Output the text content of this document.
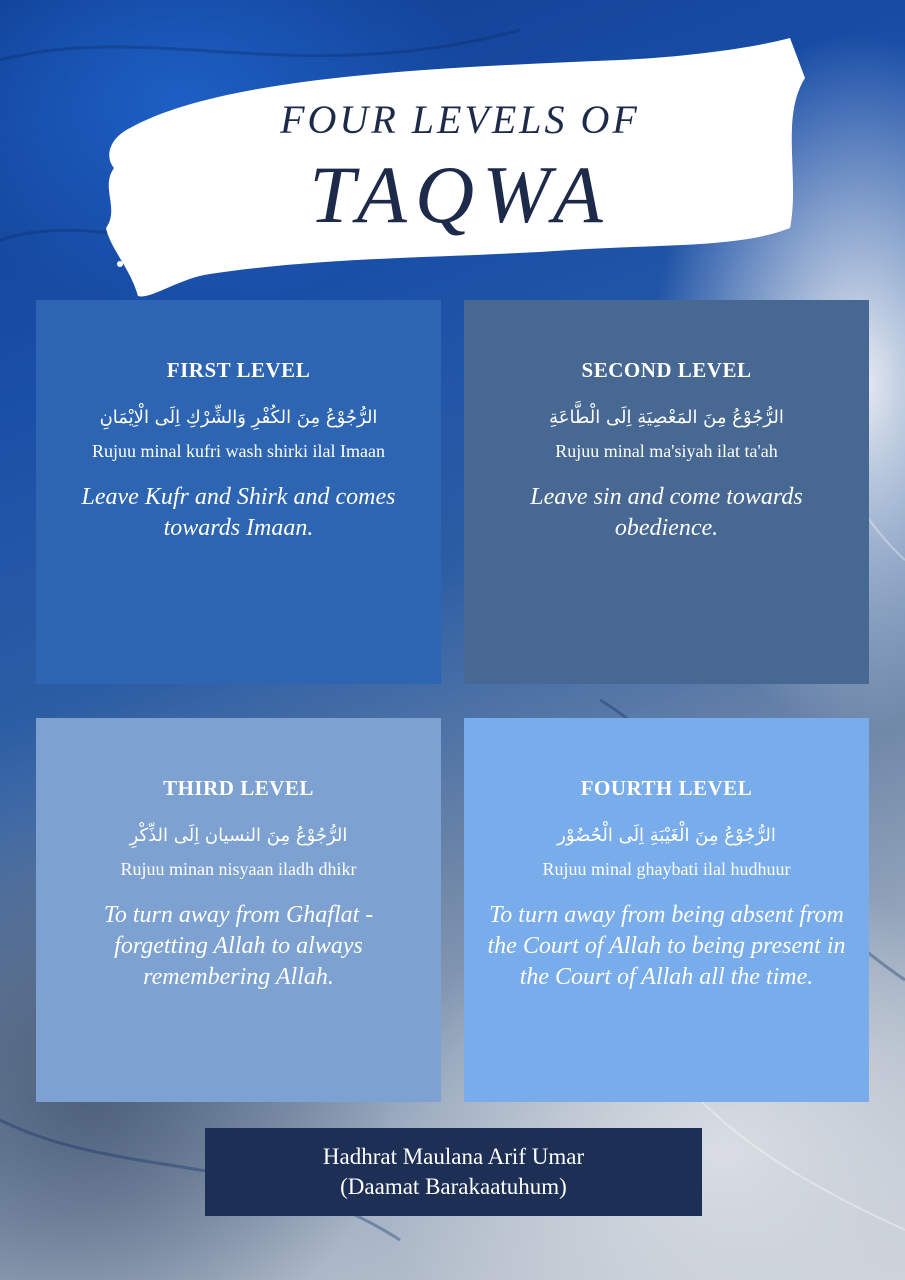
FOUR LEVELS OF
TAQWA
FIRST LEVEL
الرُّجُوْعُ مِنَ الكُفْرِ وَالشِّرْكِ اِلَى الْاِيْمَانِ
Rujuu minal kufri wash shirki ilal Imaan
Leave Kufr and Shirk and comes towards Imaan.
SECOND LEVEL
الرُّجُوْعُ مِنَ المَعْصِيَةِ اِلَى الْطَّاعَةِ
Rujuu minal ma'siyah ilat ta'ah
Leave sin and come towards obedience.
THIRD LEVEL
الرُّجُوْعُ مِنَ النسيان اِلَى الذِّكْرِ
Rujuu minan nisyaan iladh dhikr
To turn away from Ghaflat - forgetting Allah to always remembering Allah.
FOURTH LEVEL
الرُّجُوْعُ مِنَ الْغَيْبَةِ اِلَى الْحُضُوْر
Rujuu minal ghaybati ilal hudhuur
To turn away from being absent from the Court of Allah to being present in the Court of Allah all the time.
Hadhrat Maulana Arif Umar
(Daamat Barakaatuhum)
